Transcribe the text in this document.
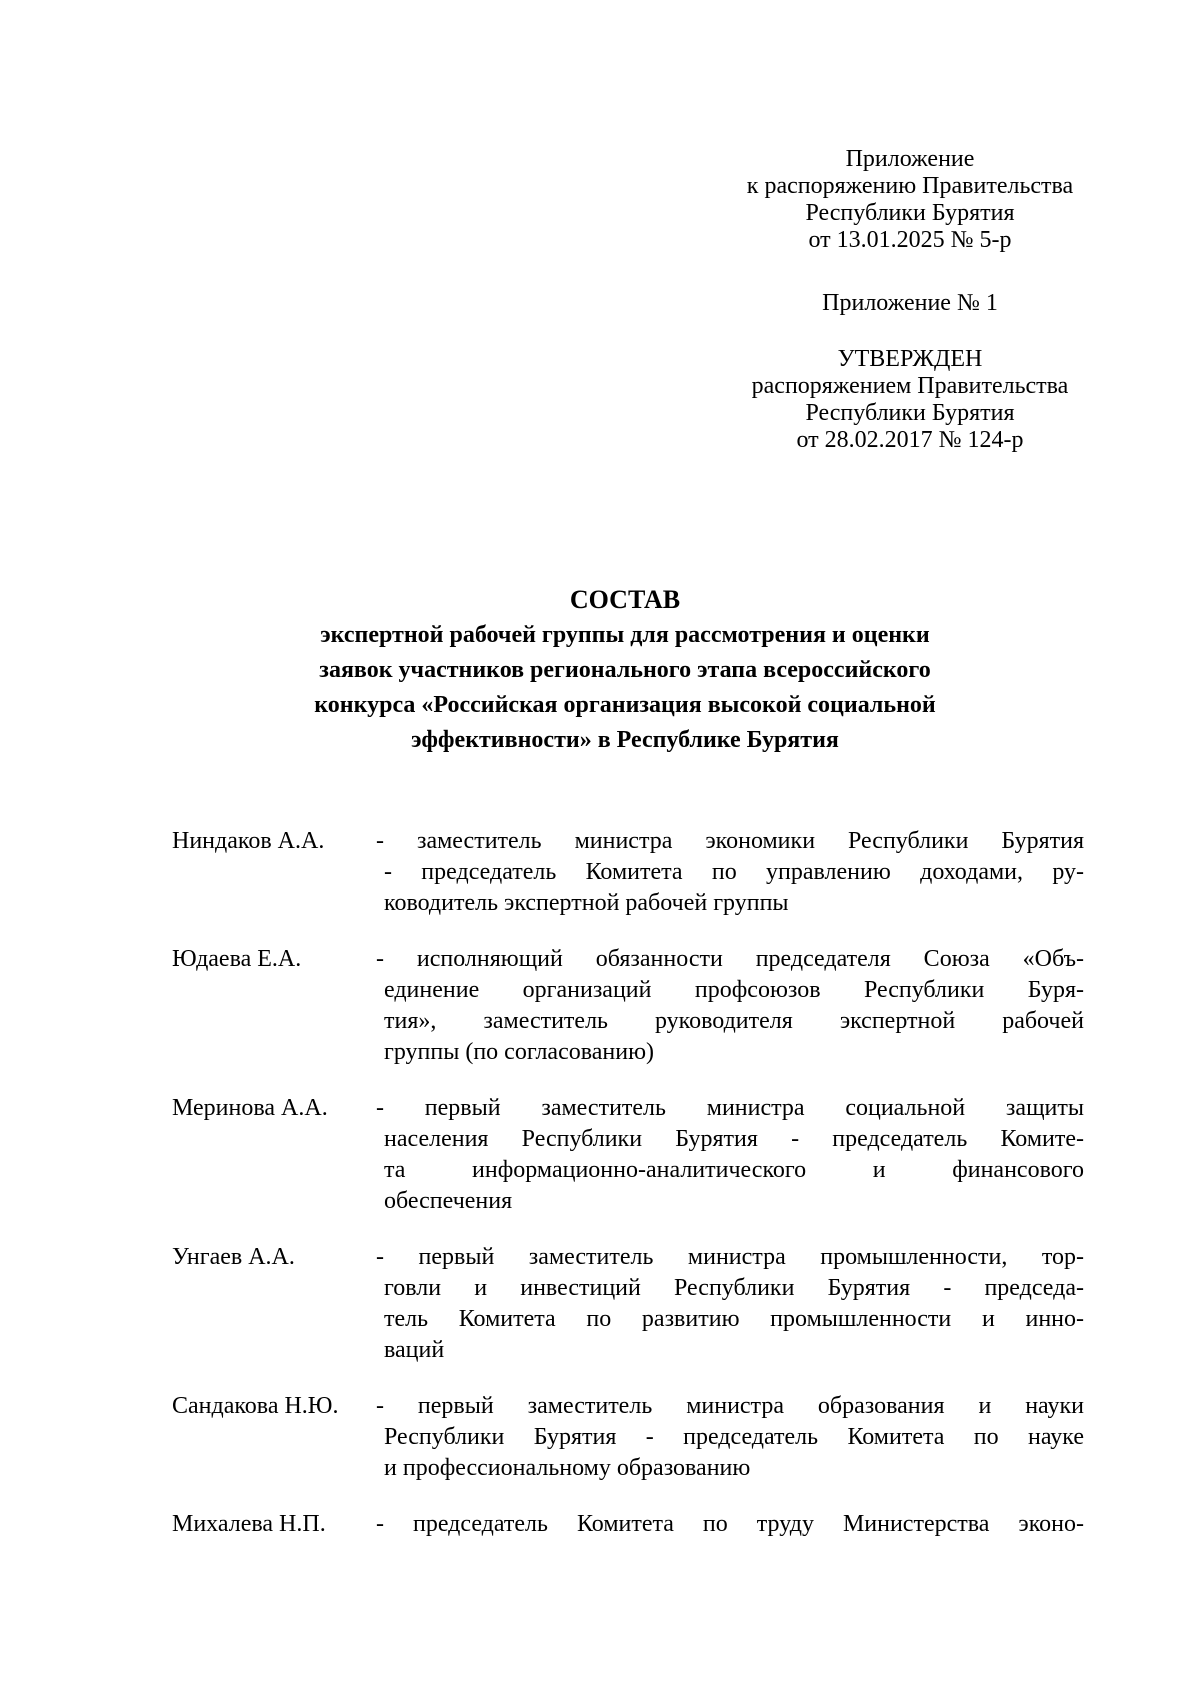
Приложение
к распоряжению Правительства
Республики Бурятия
от 13.01.2025 № 5-р
Приложение № 1
УТВЕРЖДЕН
распоряжением Правительства
Республики Бурятия
от 28.02.2017 № 124-р
СОСТАВ
экспертной рабочей группы для рассмотрения и оценки
заявок участников регионального этапа всероссийского
конкурса «Российская организация высокой социальной
эффективности» в Республике Бурятия
Ниндаков А.А. - заместитель министра экономики Республики Бурятия
- председатель Комитета по управлению доходами, ру-
ководитель экспертной рабочей группы
Юдаева Е.А.	- исполняющий обязанности председателя Союза «Объ-
единение организаций профсоюзов Республики Буря-
тия», заместитель руководителя экспертной рабочей
группы (по согласованию)
Меринова А.А. - первый заместитель министра социальной защиты
населения Республики Бурятия - председатель Комите-
та информационно-аналитического и финансового
обеспечения
Унгаев А.А.	- первый заместитель министра промышленности, тор-
говли и инвестиций Республики Бурятия - председа-
тель Комитета по развитию промышленности и инно-
ваций
Сандакова Н.Ю. - первый заместитель министра образования и науки
Республики Бурятия - председатель Комитета по науке
и профессиональному образованию
Михалева Н.П. - председатель Комитета по труду Министерства эконо-
